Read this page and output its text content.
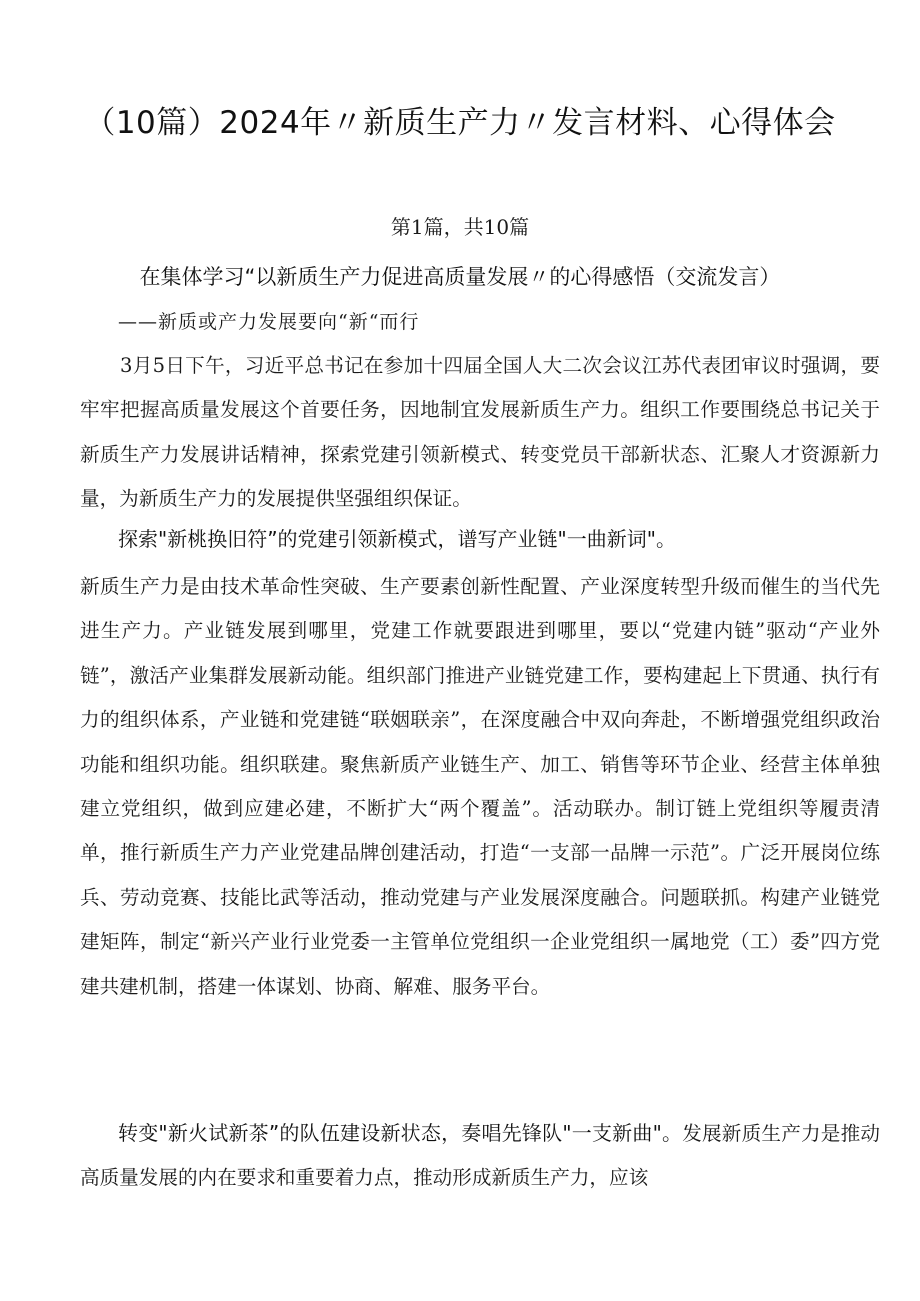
（10篇）2024年〃新质生产力〃发言材料、心得体会
第1篇，共10篇
在集体学习“以新质生产力促进高质量发展〃的心得感悟（交流发言）
——新质或产力发展要向“新“而行

3月5日下午，习近平总书记在参加十四届全国人大二次会议江苏代表团审议时强调，要牢牢把握高质量发展这个首要任务，因地制宜发展新质生产力。组织工作要围绕总书记关于新质生产力发展讲话精神，探索党建引领新模式、转变党员干部新状态、汇聚人才资源新力量，为新质生产力的发展提供坚强组织保证。

探索"新桃换旧符”的党建引领新模式，谱写产业链"一曲新词"。

新质生产力是由技术革命性突破、生产要素创新性配置、产业深度转型升级而催生的当代先进生产力。产业链发展到哪里，党建工作就要跟进到哪里，要以“党建内链”驱动“产业外链”，激活产业集群发展新动能。组织部门推进产业链党建工作，要构建起上下贯通、执行有力的组织体系，产业链和党建链“联姻联亲”，在深度融合中双向奔赴，不断增强党组织政治功能和组织功能。组织联建。聚焦新质产业链生产、加工、销售等环节企业、经营主体单独建立党组织，做到应建必建，不断扩大“两个覆盖”。活动联办。制订链上党组织等履责清单，推行新质生产力产业党建品牌创建活动，打造“一支部一品牌一示范”。广泛开展岗位练兵、劳动竞赛、技能比武等活动，推动党建与产业发展深度融合。问题联抓。构建产业链党建矩阵，制定“新兴产业行业党委一主管单位党组织一企业党组织一属地党（工）委”四方党建共建机制，搭建一体谋划、协商、解难、服务平台。

转变"新火试新茶”的队伍建设新状态，奏唱先锋队"一支新曲"。发展新质生产力是推动高质量发展的内在要求和重要着力点，推动形成新质生产力，应该
